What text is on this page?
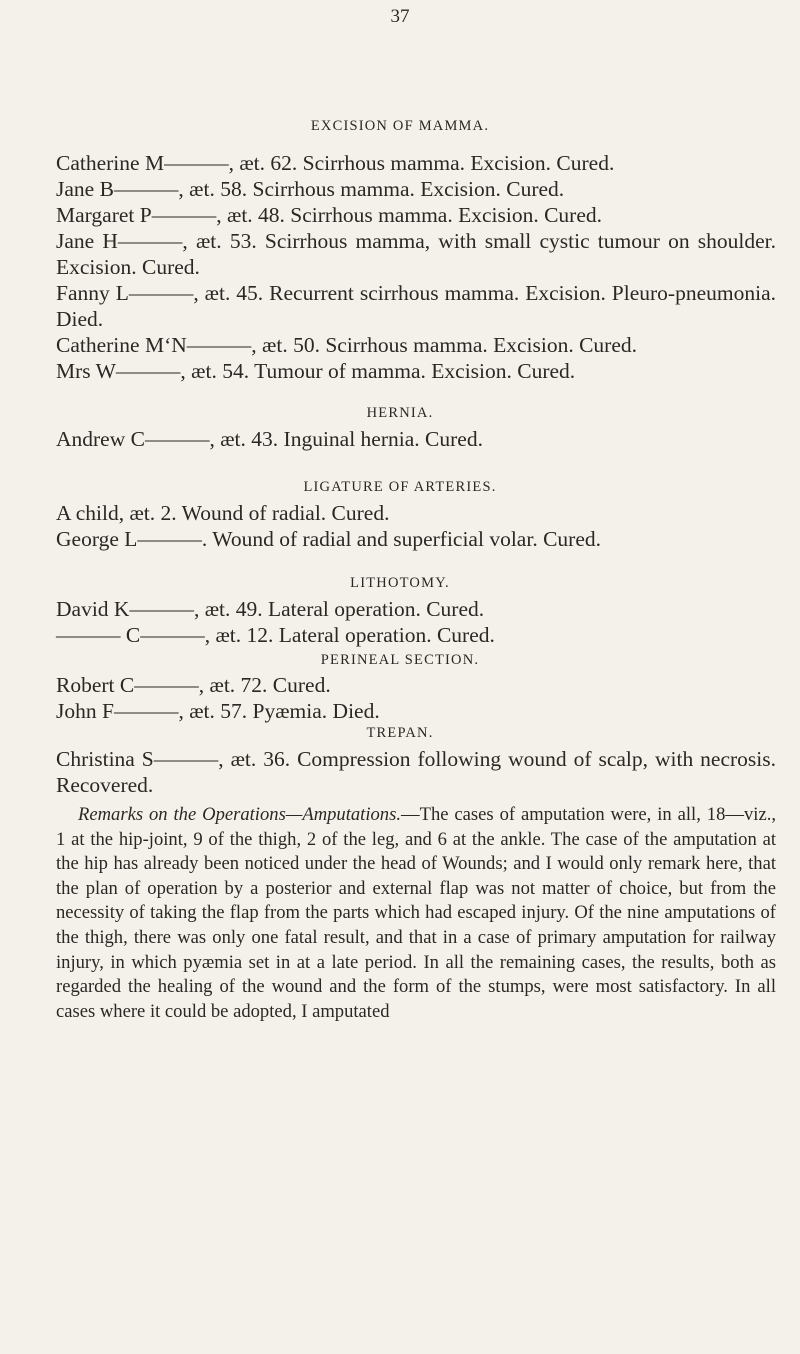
37
EXCISION OF MAMMA.
Catherine M———, æt. 62. Scirrhous mamma. Excision. Cured.
Jane B———, æt. 58. Scirrhous mamma. Excision. Cured.
Margaret P———, æt. 48. Scirrhous mamma. Excision. Cured.
Jane H———, æt. 53. Scirrhous mamma, with small cystic tumour on shoulder. Excision. Cured.
Fanny L———, æt. 45. Recurrent scirrhous mamma. Excision. Pleuro-pneumonia. Died.
Catherine M‘N———, æt. 50. Scirrhous mamma. Excision. Cured.
Mrs W———, æt. 54. Tumour of mamma. Excision. Cured.
HERNIA.
Andrew C———, æt. 43. Inguinal hernia. Cured.
LIGATURE OF ARTERIES.
A child, æt. 2. Wound of radial. Cured.
George L———. Wound of radial and superficial volar. Cured.
LITHOTOMY.
David K———, æt. 49. Lateral operation. Cured.
——— C———, æt. 12. Lateral operation. Cured.
PERINEAL SECTION.
Robert C———, æt. 72. Cured.
John F———, æt. 57. Pyæmia. Died.
TREPAN.
Christina S———, æt. 36. Compression following wound of scalp, with necrosis. Recovered.
Remarks on the Operations—Amputations.—The cases of amputation were, in all, 18—viz., 1 at the hip-joint, 9 of the thigh, 2 of the leg, and 6 at the ankle. The case of the amputation at the hip has already been noticed under the head of Wounds; and I would only remark here, that the plan of operation by a posterior and external flap was not matter of choice, but from the necessity of taking the flap from the parts which had escaped injury. Of the nine amputations of the thigh, there was only one fatal result, and that in a case of primary amputation for railway injury, in which pyæmia set in at a late period. In all the remaining cases, the results, both as regarded the healing of the wound and the form of the stumps, were most satisfactory. In all cases where it could be adopted, I amputated
